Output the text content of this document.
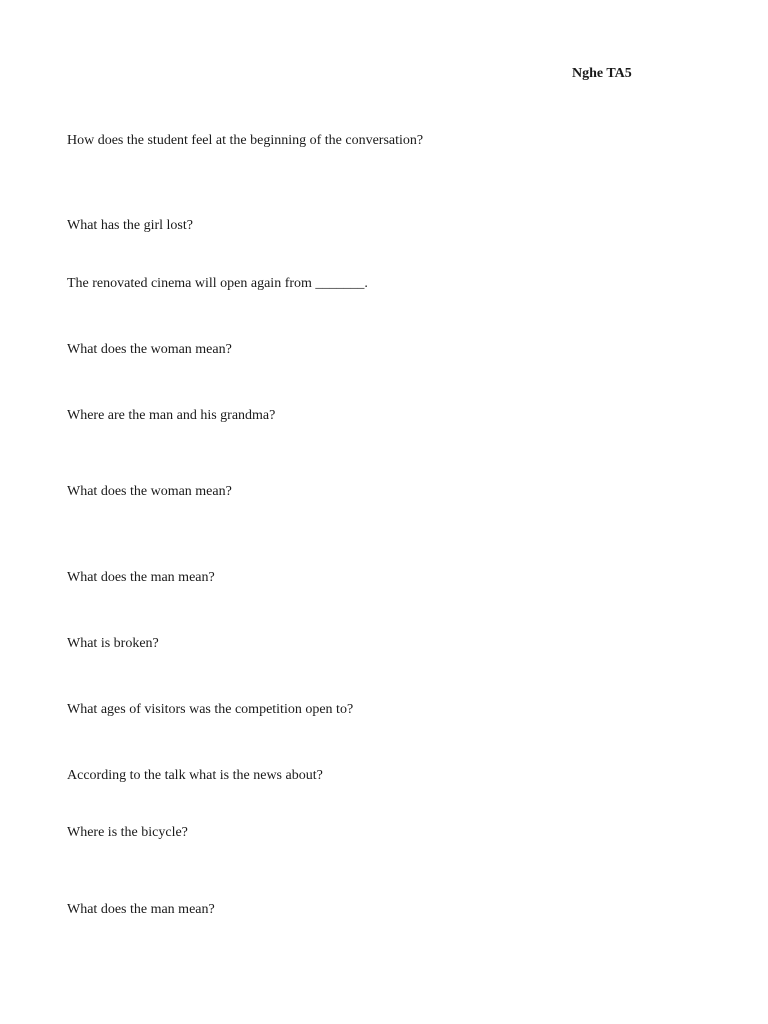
Nghe TA5
How does the student feel at the beginning of the conversation?
What has the girl lost?
The renovated cinema will open again from _______.
What does the woman mean?
Where are the man and his grandma?
What does the woman mean?
What does the man mean?
What is broken?
What ages of visitors was the competition open to?
According to the talk what is the news about?
Where is the bicycle?
What does the man mean?
